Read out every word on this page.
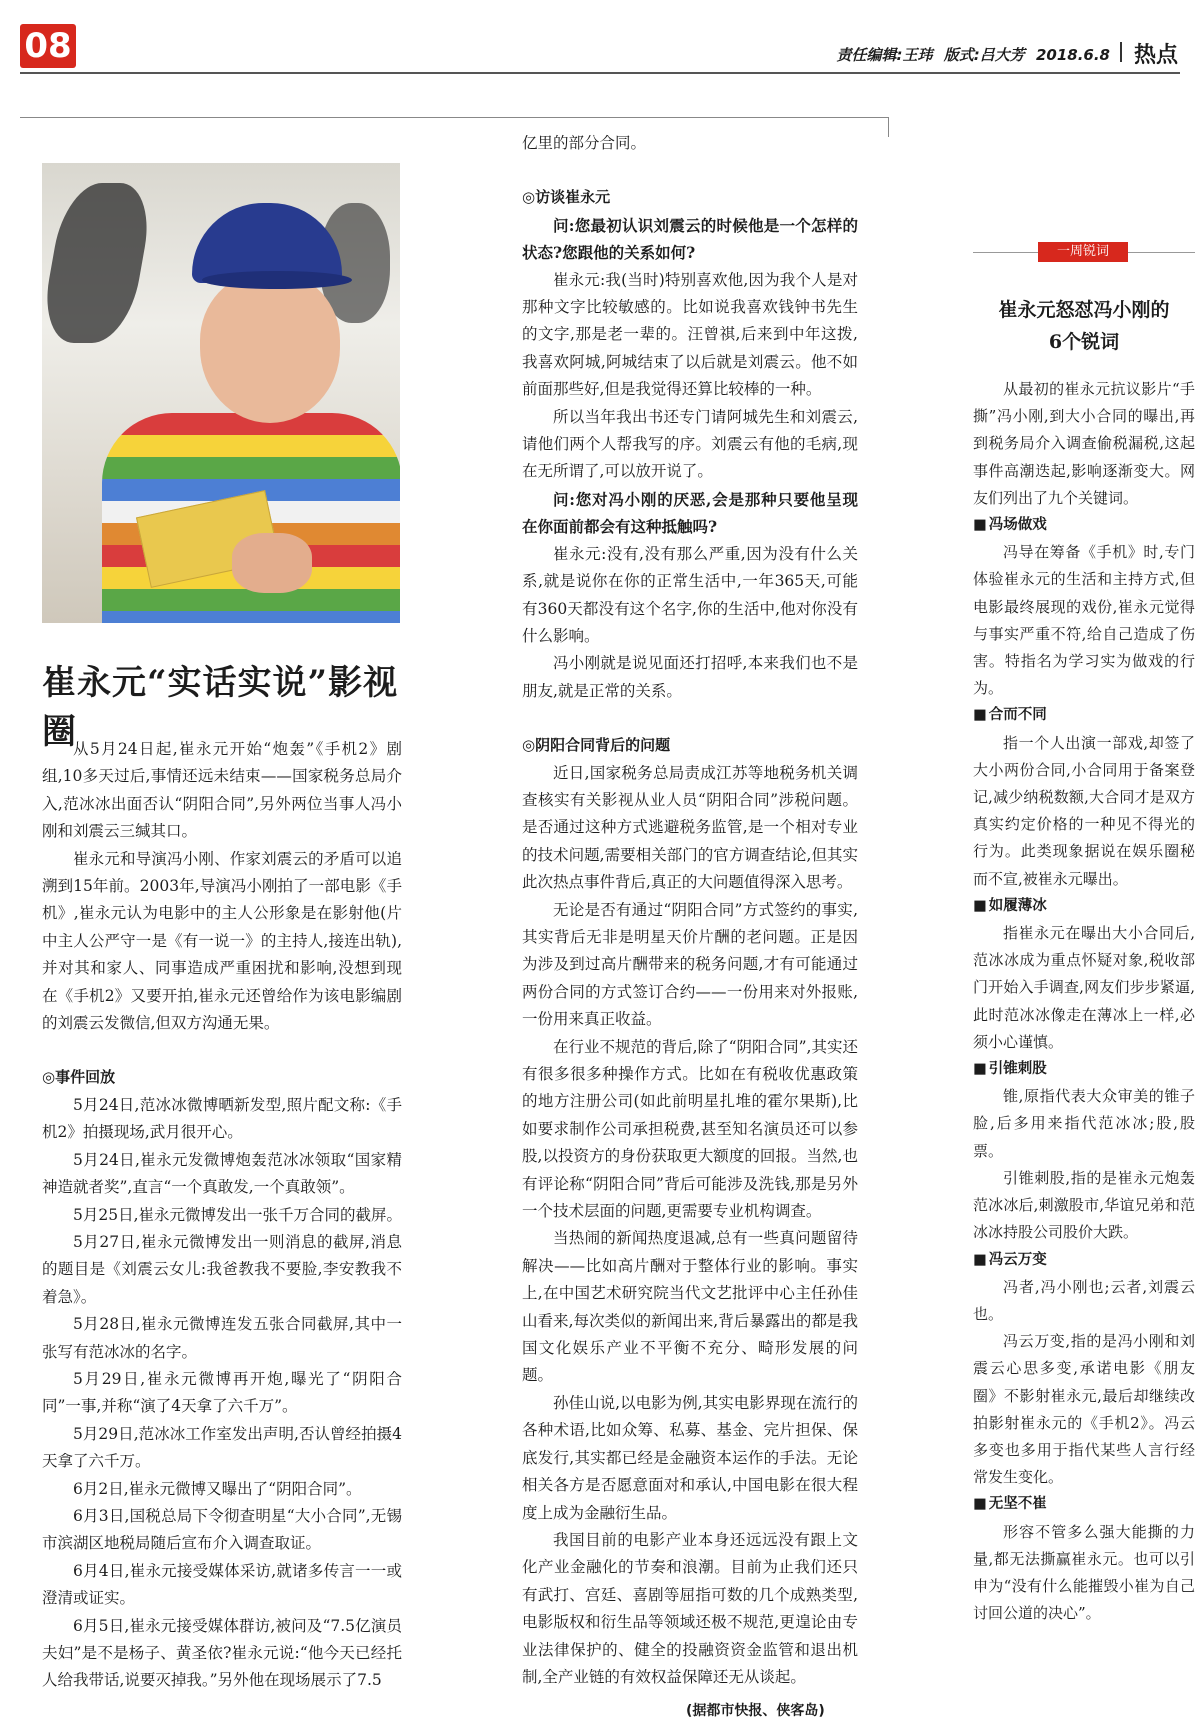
08	责任编辑:王玮 版式:吕大芳 2018.6.8 热点
崔永元“实话实说”影视圈

从5月24日起,崔永元开始“炮轰”《手机2》剧组,10多天过后,事情还远未结束——国家税务总局介入,范冰冰出面否认“阴阳合同”,另外两位当事人冯小刚和刘震云三缄其口。

崔永元和导演冯小刚、作家刘震云的矛盾可以追溯到15年前。2003年,导演冯小刚拍了一部电影《手机》,崔永元认为电影中的主人公形象是在影射他(片中主人公严守一是《有一说一》的主持人,接连出轨),并对其和家人、同事造成严重困扰和影响,没想到现在《手机2》又要开拍,崔永元还曾给作为该电影编剧的刘震云发微信,但双方沟通无果。

◎事件回放

5月24日,范冰冰微博晒新发型,照片配文称:《手机2》拍摄现场,武月很开心。

5月24日,崔永元发微博炮轰范冰冰领取“国家精神造就者奖”,直言“一个真敢发,一个真敢领”。

5月25日,崔永元微博发出一张千万合同的截屏。

5月27日,崔永元微博发出一则消息的截屏,消息的题目是《刘震云女儿:我爸教我不要脸,李安教我不着急》。

5月28日,崔永元微博连发五张合同截屏,其中一张写有范冰冰的名字。

5月29日,崔永元微博再开炮,曝光了“阴阳合同”一事,并称“演了4天拿了六千万”。

5月29日,范冰冰工作室发出声明,否认曾经拍摄4天拿了六千万。

6月2日,崔永元微博又曝出了“阴阳合同”。

6月3日,国税总局下令彻查明星“大小合同”,无锡市滨湖区地税局随后宣布介入调查取证。

6月4日,崔永元接受媒体采访,就诸多传言一一或澄清或证实。

6月5日,崔永元接受媒体群访,被问及“7.5亿演员夫妇”是不是杨子、黄圣依?崔永元说:“他今天已经托人给我带话,说要灭掉我。”另外他在现场展示了7.5

亿里的部分合同。

◎访谈崔永元

问:您最初认识刘震云的时候他是一个怎样的状态?您跟他的关系如何?

崔永元:我(当时)特别喜欢他,因为我个人是对那种文字比较敏感的。比如说我喜欢钱钟书先生的文字,那是老一辈的。汪曾祺,后来到中年这拨,我喜欢阿城,阿城结束了以后就是刘震云。他不如前面那些好,但是我觉得还算比较棒的一种。

所以当年我出书还专门请阿城先生和刘震云,请他们两个人帮我写的序。刘震云有他的毛病,现在无所谓了,可以放开说了。

问:您对冯小刚的厌恶,会是那种只要他呈现在你面前都会有这种抵触吗?

崔永元:没有,没有那么严重,因为没有什么关系,就是说你在你的正常生活中,一年365天,可能有360天都没有这个名字,你的生活中,他对你没有什么影响。

冯小刚就是说见面还打招呼,本来我们也不是朋友,就是正常的关系。

◎阴阳合同背后的问题

近日,国家税务总局责成江苏等地税务机关调查核实有关影视从业人员“阴阳合同”涉税问题。是否通过这种方式逃避税务监管,是一个相对专业的技术问题,需要相关部门的官方调查结论,但其实此次热点事件背后,真正的大问题值得深入思考。

无论是否有通过“阴阳合同”方式签约的事实,其实背后无非是明星天价片酬的老问题。正是因为涉及到过高片酬带来的税务问题,才有可能通过两份合同的方式签订合约——一份用来对外报账,一份用来真正收益。

在行业不规范的背后,除了“阴阳合同”,其实还有很多很多种操作方式。比如在有税收优惠政策的地方注册公司(如此前明星扎堆的霍尔果斯),比如要求制作公司承担税费,甚至知名演员还可以参股,以投资方的身份获取更大额度的回报。当然,也有评论称“阴阳合同”背后可能涉及洗钱,那是另外一个技术层面的问题,更需要专业机构调查。

当热闹的新闻热度退减,总有一些真问题留待解决——比如高片酬对于整体行业的影响。事实上,在中国艺术研究院当代文艺批评中心主任孙佳山看来,每次类似的新闻出来,背后暴露出的都是我国文化娱乐产业不平衡不充分、畸形发展的问题。

孙佳山说,以电影为例,其实电影界现在流行的各种术语,比如众筹、私募、基金、完片担保、保底发行,其实都已经是金融资本运作的手法。无论相关各方是否愿意面对和承认,中国电影在很大程度上成为金融衍生品。

我国目前的电影产业本身还远远没有跟上文化产业金融化的节奏和浪潮。目前为止我们还只有武打、宫廷、喜剧等屈指可数的几个成熟类型,电影版权和衍生品等领域还极不规范,更遑论由专业法律保护的、健全的投融资资金监管和退出机制,全产业链的有效权益保障还无从谈起。

(据都市快报、侠客岛)
一周锐词
崔永元怒怼冯小刚的
6个锐词

从最初的崔永元抗议影片“手撕”冯小刚,到大小合同的曝出,再到税务局介入调查偷税漏税,这起事件高潮迭起,影响逐渐变大。网友们列出了九个关键词。

■ 冯场做戏

冯导在筹备《手机》时,专门体验崔永元的生活和主持方式,但电影最终展现的戏份,崔永元觉得与事实严重不符,给自己造成了伤害。特指名为学习实为做戏的行为。

■ 合而不同

指一个人出演一部戏,却签了大小两份合同,小合同用于备案登记,减少纳税数额,大合同才是双方真实约定价格的一种见不得光的行为。此类现象据说在娱乐圈秘而不宣,被崔永元曝出。

■ 如履薄冰

指崔永元在曝出大小合同后,范冰冰成为重点怀疑对象,税收部门开始入手调查,网友们步步紧逼,此时范冰冰像走在薄冰上一样,必须小心谨慎。

■ 引锥刺股

锥,原指代表大众审美的锥子脸,后多用来指代范冰冰;股,股票。

引锥刺股,指的是崔永元炮轰范冰冰后,刺激股市,华谊兄弟和范冰冰持股公司股价大跌。

■ 冯云万变

冯者,冯小刚也;云者,刘震云也。

冯云万变,指的是冯小刚和刘震云心思多变,承诺电影《朋友圈》不影射崔永元,最后却继续改拍影射崔永元的《手机2》。冯云多变也多用于指代某些人言行经常发生变化。

■ 无坚不崔

形容不管多么强大能撕的力量,都无法撕赢崔永元。也可以引申为“没有什么能摧毁小崔为自己讨回公道的决心”。
